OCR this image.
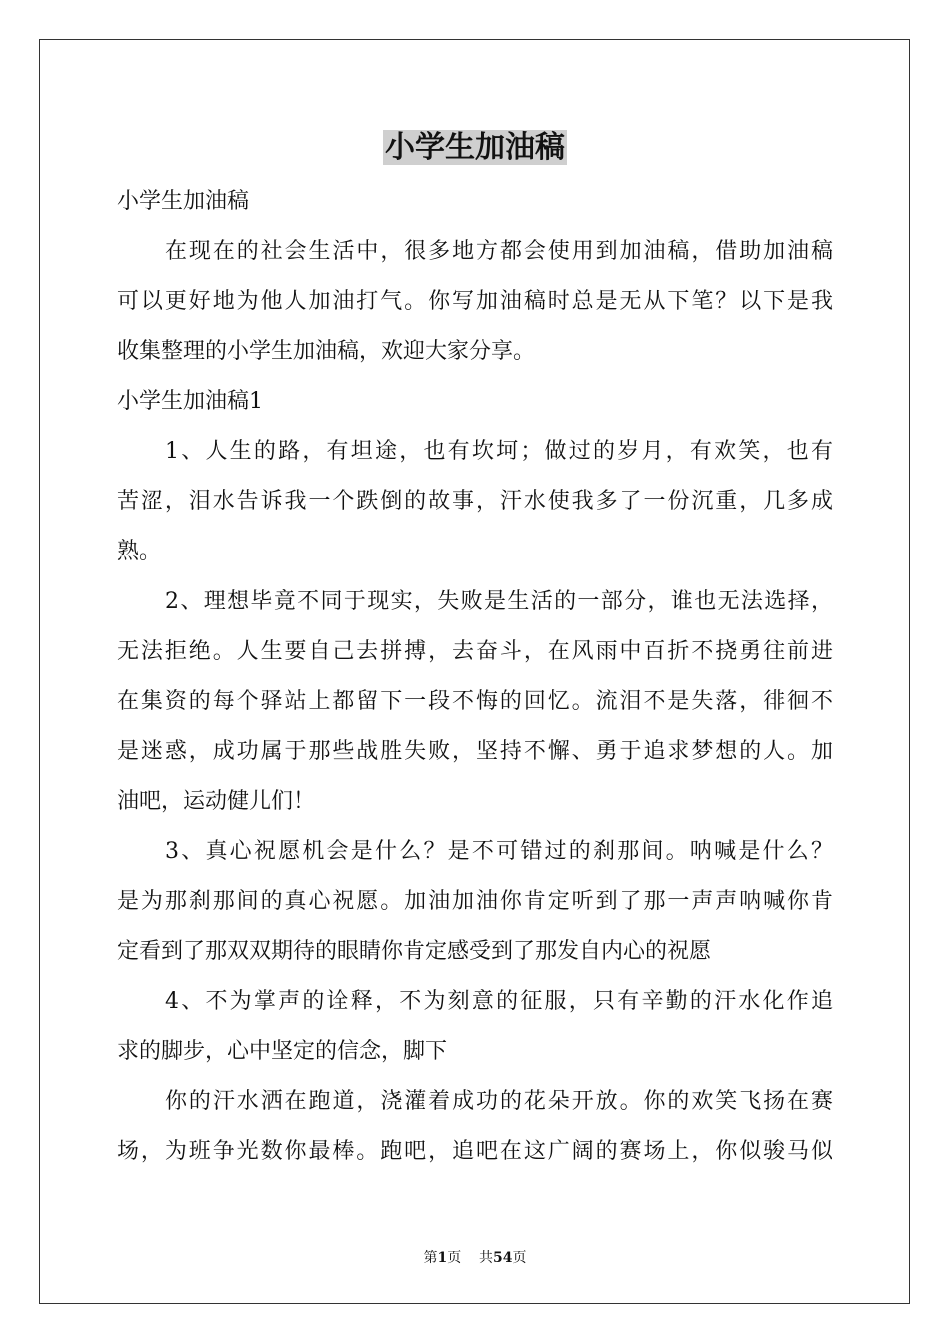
小学生加油稿

小学生加油稿

在现在的社会生活中，很多地方都会使用到加油稿，借助加油稿

可以更好地为他人加油打气。你写加油稿时总是无从下笔？以下是我

收集整理的小学生加油稿，欢迎大家分享。

小学生加油稿1

1、人生的路，有坦途，也有坎坷；做过的岁月，有欢笑，也有

苦涩，泪水告诉我一个跌倒的故事，汗水使我多了一份沉重，几多成

熟。

2、理想毕竟不同于现实，失败是生活的一部分，谁也无法选择，

无法拒绝。人生要自己去拼搏，去奋斗，在风雨中百折不挠勇往前进

在集资的每个驿站上都留下一段不悔的回忆。流泪不是失落，徘徊不

是迷惑，成功属于那些战胜失败，坚持不懈、勇于追求梦想的人。加

油吧，运动健儿们！

3、真心祝愿机会是什么？是不可错过的刹那间。呐喊是什么？

是为那刹那间的真心祝愿。加油加油你肯定听到了那一声声呐喊你肯

定看到了那双双期待的眼睛你肯定感受到了那发自内心的祝愿

4、不为掌声的诠释，不为刻意的征服，只有辛勤的汗水化作追

求的脚步，心中坚定的信念，脚下

你的汗水洒在跑道，浇灌着成功的花朵开放。你的欢笑飞扬在赛

场，为班争光数你最棒。跑吧，追吧在这广阔的赛场上，你似骏马似

第1页 共54页
